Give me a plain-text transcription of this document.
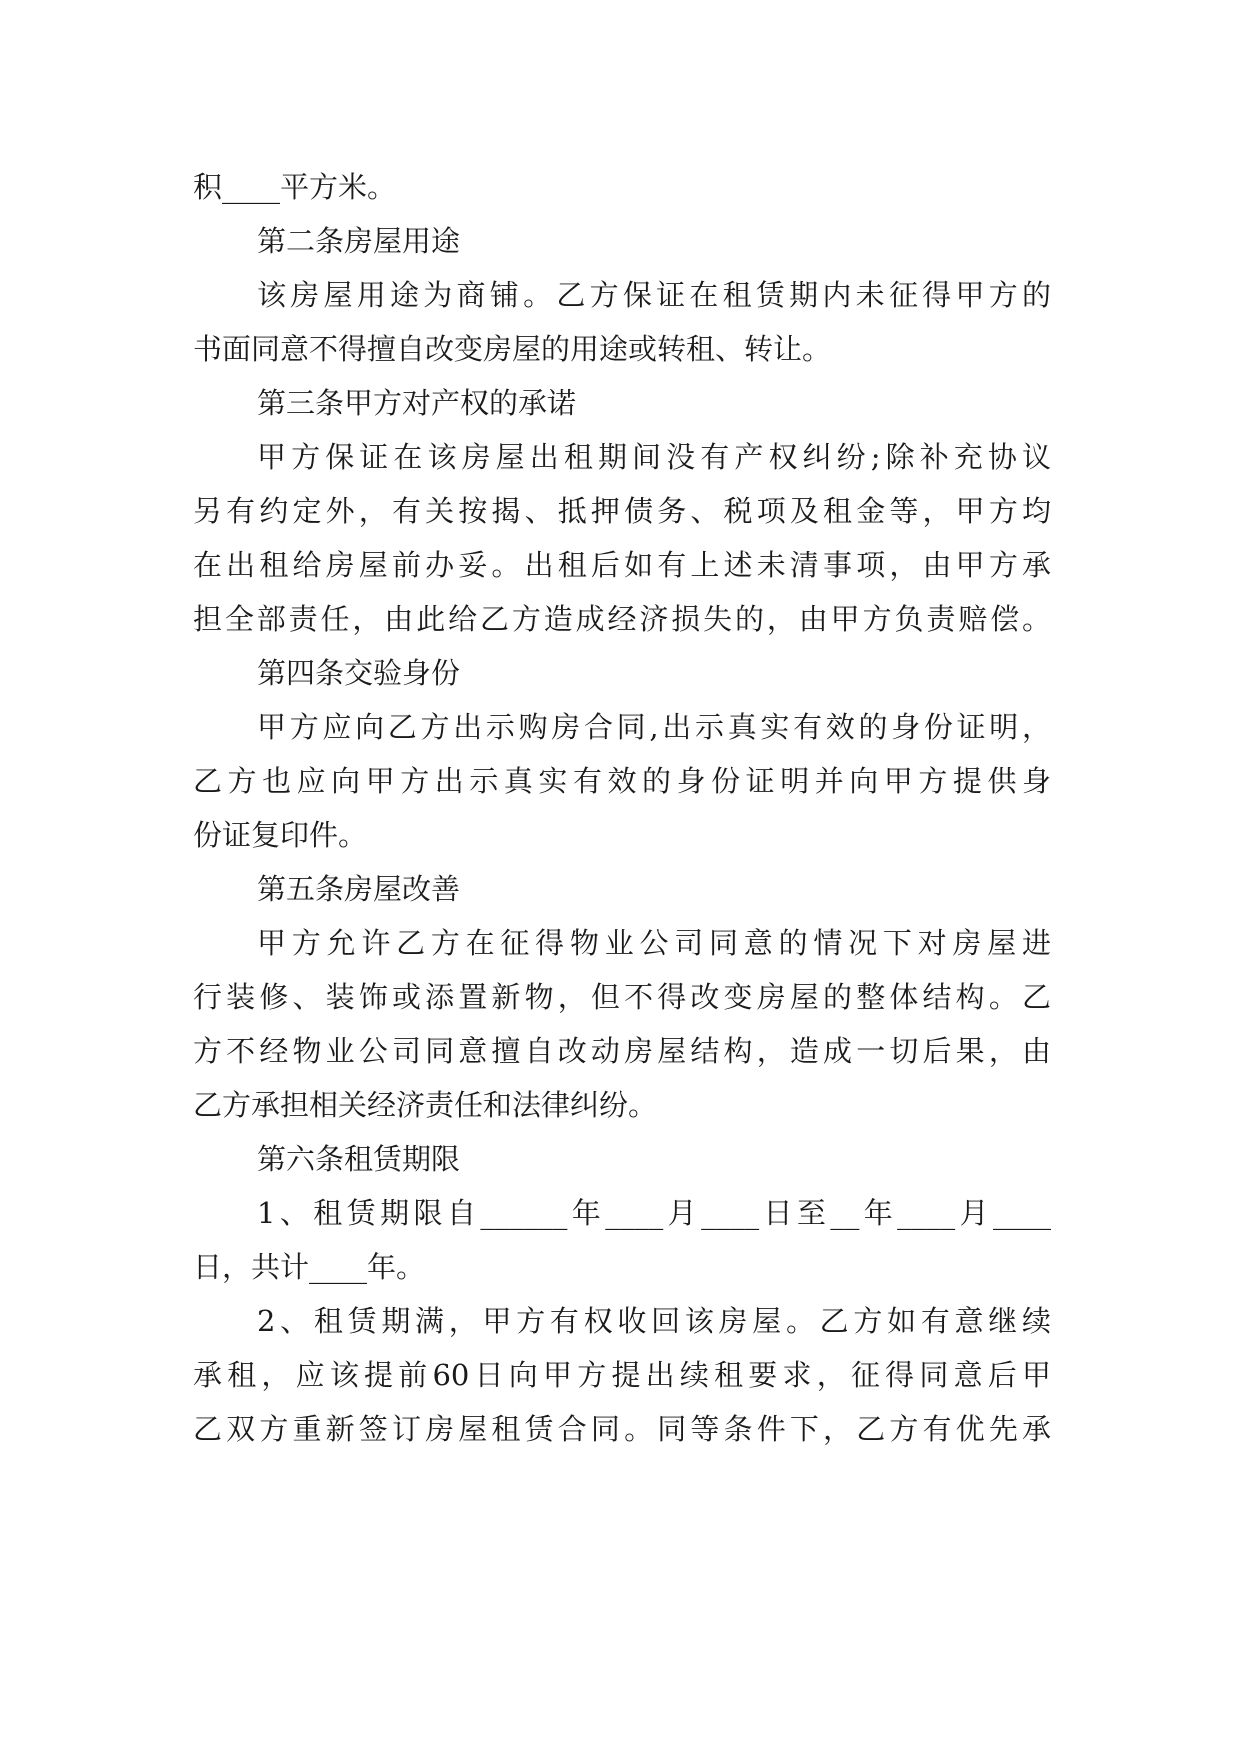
积____平方米。
第二条房屋用途
该房屋用途为商铺。乙方保证在租赁期内未征得甲方的
书面同意不得擅自改变房屋的用途或转租、转让。
第三条甲方对产权的承诺
甲方保证在该房屋出租期间没有产权纠纷;除补充协议
另有约定外，有关按揭、抵押债务、税项及租金等，甲方均
在出租给房屋前办妥。出租后如有上述未清事项，由甲方承
担全部责任，由此给乙方造成经济损失的，由甲方负责赔偿。
第四条交验身份
甲方应向乙方出示购房合同,出示真实有效的身份证明，
乙方也应向甲方出示真实有效的身份证明并向甲方提供身
份证复印件。
第五条房屋改善
甲方允许乙方在征得物业公司同意的情况下对房屋进
行装修、装饰或添置新物，但不得改变房屋的整体结构。乙
方不经物业公司同意擅自改动房屋结构，造成一切后果，由
乙方承担相关经济责任和法律纠纷。
第六条租赁期限
1、租赁期限自______年____月____日至__年____月____
日，共计____年。
2、租赁期满，甲方有权收回该房屋。乙方如有意继续
承租，应该提前60日向甲方提出续租要求，征得同意后甲
乙双方重新签订房屋租赁合同。同等条件下，乙方有优先承
